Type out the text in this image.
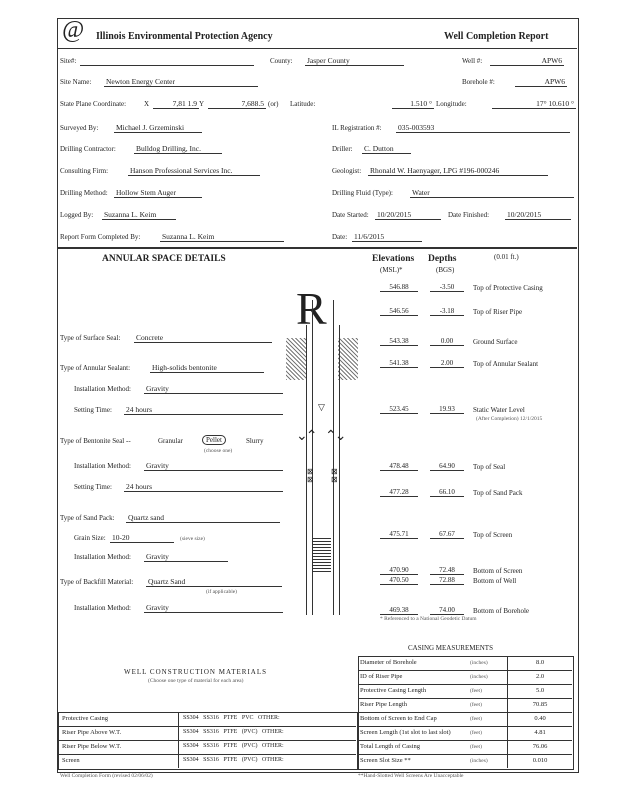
@ Illinois Environmental Protection Agency	Well Completion Report
Site#:	County: Jasper County	Well #:	APW6
Site Name: Newton Energy Center	Borehole #:	APW6
State Plane Coordinate:	X	7,81 1.9 Y	7,688.5 (or) Latitude:	1.510 ° Longitude:	17° 10.610 °
Surveyed By: Michael J. Grzeminski	IL Registration #: 035-003593
Drilling Contractor:	Bulldog Drilling, Inc.	Driller: C. Dutton
Consulting Firm:	Hanson Professional Services Inc.	Geologist: Rhonald W. Haenyager, LPG #196-000246
Drilling Method: Hollow Stem Auger	Drilling Fluid (Type):	Water
Logged By: Suzanna L. Keim	Date Started: 10/20/2015	Date Finished: 10/20/2015
Report Form Completed By:	Suzanna L. Keim	Date: 11/6/2015
ANNULAR SPACE DETAILS
Type of Surface Seal: Concrete
Type of Annular Sealant:	High-solids bentonite
Installation Method: Gravity
Setting Time: 24 hours
Type of Bentonite Seal --	Granular	Pellet	Slurry
(choose one)
Installation Method: Gravity
Setting Time: 24 hours
Type of Sand Pack: Quartz sand
Grain Size: 10-20	(sieve size)
Installation Method: Gravity
Type of Backfill Material: Quartz Sand
(if applicable)
Installation Method: Gravity
R
▽
⌄⌃ ⌃⌄
⊠
⊠
⊠
⊠
Elevations Depths	(0.01 ft.)
(MSL)*	(BGS)
546.88	-3.50	Top of Protective Casing
546.56	-3.18	Top of Riser Pipe
543.38	0.00	Ground Surface
541.38	2.00	Top of Annular Sealant
523.45	19.93	Static Water Level
478.48	64.90	Top of Seal
477.28	66.10	Top of Sand Pack
475.71	67.67	Top of Screen
470.90	72.48	Bottom of Screen
470.50	72.88	Bottom of Well
469.38	74.00	Bottom of Borehole
(After Completion) 12/1/2015
* Referenced to a National Geodetic Datum
CASING MEASUREMENTS
Diameter of Borehole	(inches)	8.0
ID of Riser Pipe	(inches)	2.0
Protective Casing Length	(feet)	5.0
Riser Pipe Length	(feet)	70.85
Bottom of Screen to End Cap	(feet)	0.40
Screen Length (1st slot to last slot)	(feet)	4.81
Total Length of Casing	(feet)	76.06
Screen Slot Size **	(inches)	0.010
**Hand-Slotted Well Screens Are Unacceptable
WELL CONSTRUCTION MATERIALS
(Choose one type of material for each area)
Protective Casing	SS304   SS316   PTFE   PVC   OTHER:
Riser Pipe Above W.T.	SS304   SS316   PTFE   (PVC)   OTHER:
Riser Pipe Below W.T.	SS304   SS316   PTFE   (PVC)   OTHER:
Screen	SS304   SS316   PTFE   (PVC)   OTHER:
Well Completion Form (revised 02/06/02)
